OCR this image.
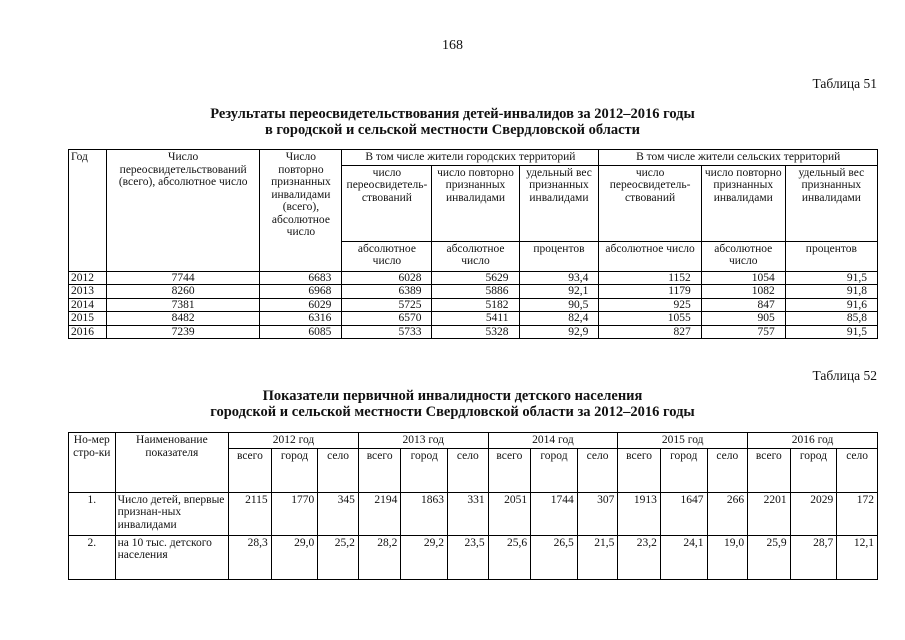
168
Таблица 51
Результаты переосвидетельствования детей-инвалидов за 2012–2016 годы
в городской и сельской местности Свердловской области
Год	Число переосвидетельствований (всего), абсолютное число	Число повторно признанных инвалидами (всего), абсолютное число	В том числе жители городских территорий			В том числе жители сельских территорий		
			число переосвидетель-ствований	число повторно признанных инвалидами	удельный вес признанных инвалидами	число переосвидетель-ствований	число повторно признанных инвалидами	удельный вес признанных инвалидами
			абсолютное число	абсолютное число	процентов	абсолютное число	абсолютное число	процентов
2012	7744	6683	6028	5629	93,4	1152	1054	91,5
2013	8260	6968	6389	5886	92,1	1179	1082	91,8
2014	7381	6029	5725	5182	90,5	925	847	91,6
2015	8482	6316	6570	5411	82,4	1055	905	85,8
2016	7239	6085	5733	5328	92,9	827	757	91,5
Таблица 52
Показатели первичной инвалидности детского населения
городской и сельской местности Свердловской области за 2012–2016 годы
Но-мер стро-ки	Наименование показателя	2012 год			2013 год			2014 год			2015 год			2016 год		
		всего	город	село	всего	город	село	всего	город	село	всего	город	село	всего	город	село
1.	Число детей, впервые признан-ных инвалидами	2115	1770	345	2194	1863	331	2051	1744	307	1913	1647	266	2201	2029	172
2.	на 10 тыс. детского населения	28,3	29,0	25,2	28,2	29,2	23,5	25,6	26,5	21,5	23,2	24,1	19,0	25,9	28,7	12,1
